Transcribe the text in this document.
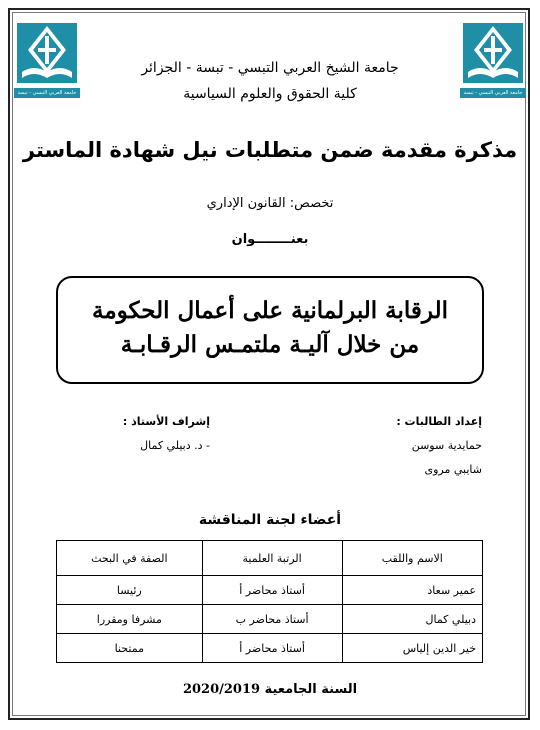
جامعة العربي التبسي - تبسة	جامعة العربي التبسي - تبسة
جامعة الشيخ العربي التبسي - تبسة - الجزائر
كلية الحقوق والعلوم السياسية
مذكرة مقدمة ضمن متطلبات نيل شهادة الماستر
تخصص: القانون الإداري
بعنــــــــوان
الرقابة البرلمانية على أعمال الحكومة
من خلال آليـة ملتمـس الرقـابـة
إعداد الطالبات :
حمايدية سوسن
شايبي مروى
إشراف الأستاذ :
- د. دبيلي كمال
أعضاء لجنة المناقشة
الاسم واللقب	الرتبة العلمية	الصفة في البحث
عمير سعاد	أستاذ محاضر أ	رئيسا
دبيلي كمال	أستاذ محاضر ب	مشرفا ومقررا
خير الدين إلياس	أستاذ محاضر أ	ممتحنا
السنة الجامعية 2020/2019
